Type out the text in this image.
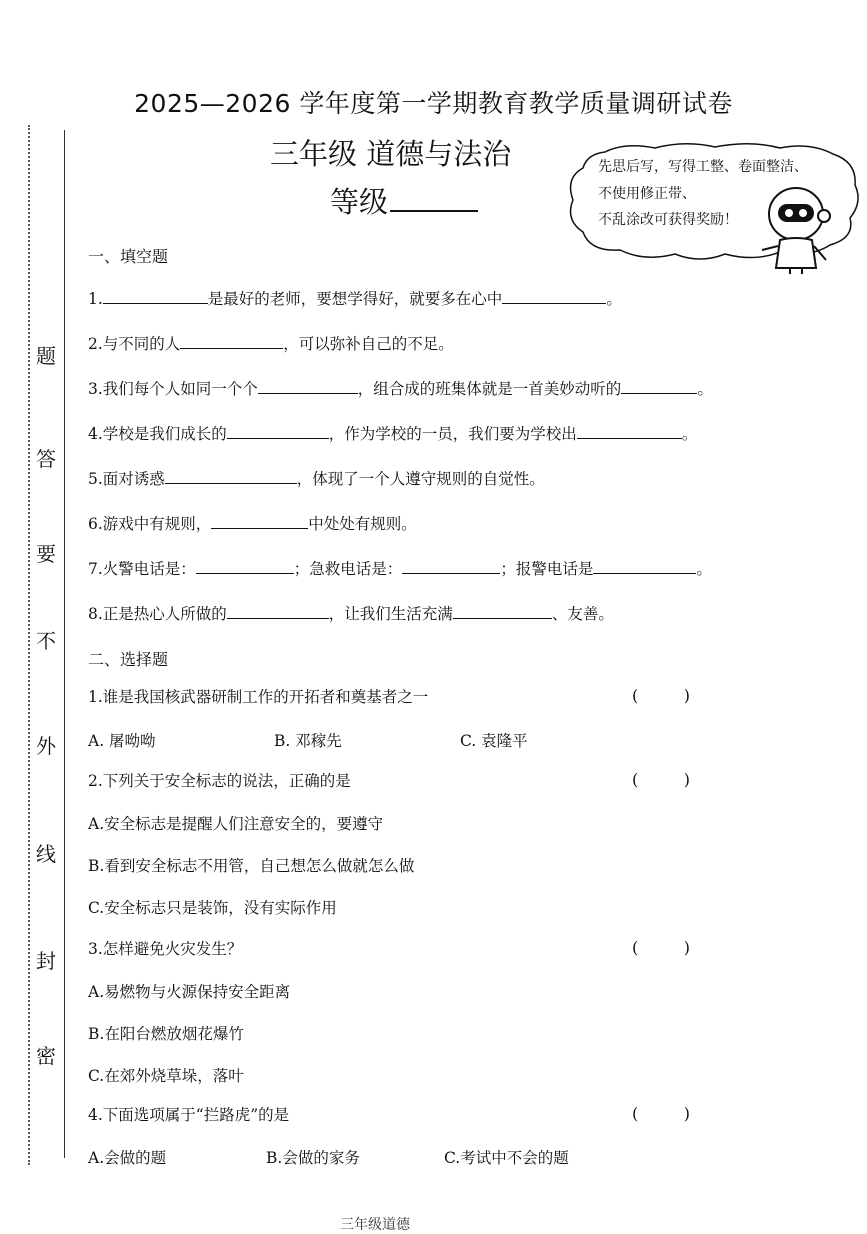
2025—2026 学年度第一学期教育教学质量调研试卷
三年级 道德与法治
等级
题
答
要
不
外
线
封
密
先思后写，写得工整、卷面整洁、
不使用修正带、
不乱涂改可获得奖励！
一、填空题
1.	是最好的老师，要想学得好，就要多在心中	。
2.与不同的人	，可以弥补自己的不足。
3.我们每个人如同一个个	，组合成的班集体就是一首美妙动听的	。
4.学校是我们成长的	，作为学校的一员，我们要为学校出	。
5.面对诱惑	，体现了一个人遵守规则的自觉性。
6.游戏中有规则，	中处处有规则。
7.火警电话是：	；急救电话是：	；报警电话是	。
8.正是热心人所做的	，让我们生活充满	、友善。
二、选择题
1.谁是我国核武器研制工作的开拓者和奠基者之一	(	)
A. 屠呦呦	B. 邓稼先	C. 袁隆平
2.下列关于安全标志的说法，正确的是	(	)
A.安全标志是提醒人们注意安全的，要遵守
B.看到安全标志不用管，自己想怎么做就怎么做
C.安全标志只是装饰，没有实际作用
3.怎样避免火灾发生？	(	)
A.易燃物与火源保持安全距离
B.在阳台燃放烟花爆竹
C.在郊外烧草垛，落叶
4.下面选项属于“拦路虎”的是	(	)
A.会做的题	B.会做的家务	C.考试中不会的题
三年级道德
